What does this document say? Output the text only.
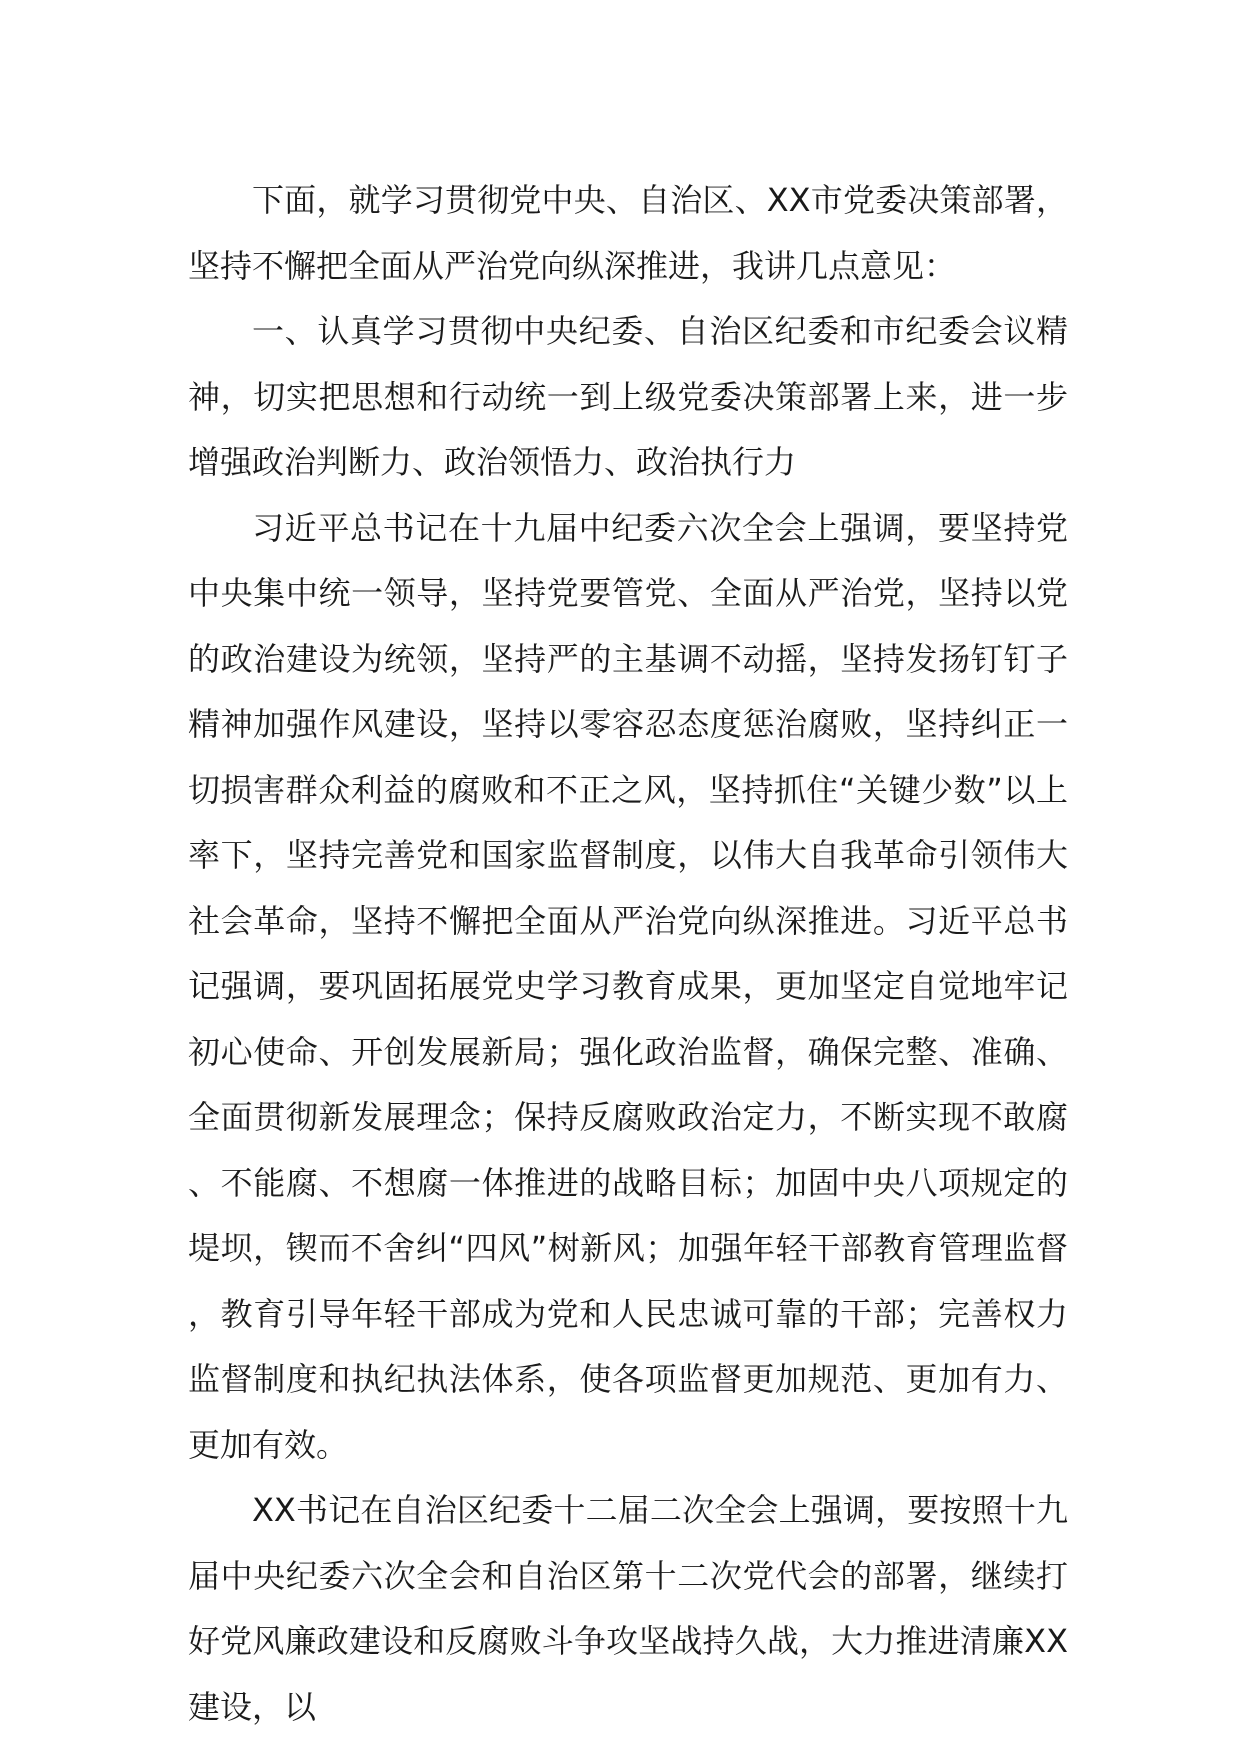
下面，就学习贯彻党中央、自治区、XX市党委决策部署，坚持不懈把全面从严治党向纵深推进，我讲几点意见：

一、认真学习贯彻中央纪委、自治区纪委和市纪委会议精神，切实把思想和行动统一到上级党委决策部署上来，进一步增强政治判断力、政治领悟力、政治执行力

习近平总书记在十九届中纪委六次全会上强调，要坚持党中央集中统一领导，坚持党要管党、全面从严治党，坚持以党的政治建设为统领，坚持严的主基调不动摇，坚持发扬钉钉子精神加强作风建设，坚持以零容忍态度惩治腐败，坚持纠正一切损害群众利益的腐败和不正之风，坚持抓住“关键少数”以上率下，坚持完善党和国家监督制度，以伟大自我革命引领伟大社会革命，坚持不懈把全面从严治党向纵深推进。习近平总书记强调，要巩固拓展党史学习教育成果，更加坚定自觉地牢记初心使命、开创发展新局；强化政治监督，确保完整、准确、全面贯彻新发展理念；保持反腐败政治定力，不断实现不敢腐、不能腐、不想腐一体推进的战略目标；加固中央八项规定的堤坝，锲而不舍纠“四风”树新风；加强年轻干部教育管理监督，教育引导年轻干部成为党和人民忠诚可靠的干部；完善权力监督制度和执纪执法体系，使各项监督更加规范、更加有力、更加有效。

XX书记在自治区纪委十二届二次全会上强调，要按照十九届中央纪委六次全会和自治区第十二次党代会的部署，继续打好党风廉政建设和反腐败斗争攻坚战持久战，大力推进清廉XX建设，以
